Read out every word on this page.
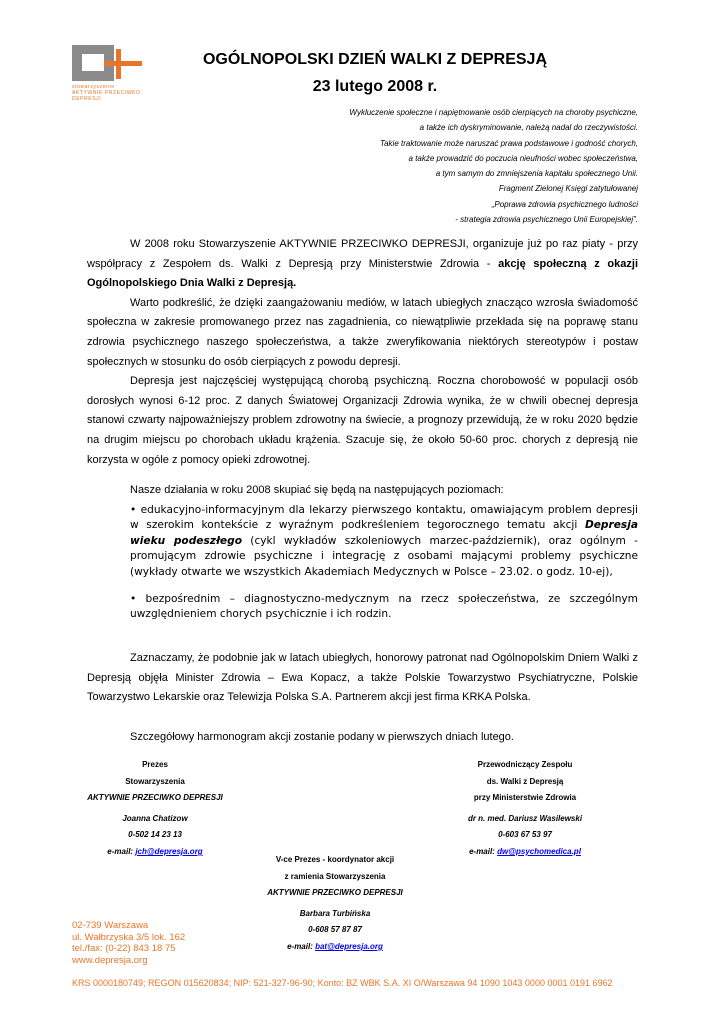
stowarzyszenie
AKTYWNIE PRZECIWKO
DEPRESJI
OGÓLNOPOLSKI DZIEŃ WALKI Z DEPRESJĄ
23 lutego 2008 r.
Wykluczenie społeczne i napiętnowanie osób cierpiących na choroby psychiczne,
a także ich dyskryminowanie, należą nadal do rzeczywistości.
Takie traktowanie może naruszać prawa podstawowe i godność chorych,
a także prowadzić do poczucia nieufności wobec społeczeństwa,
a tym samym do zmniejszenia kapitału społecznego Unii.
Fragment Zielonej Księgi zatytułowanej
„Poprawa zdrowia psychicznego ludności
- strategia zdrowia psychicznego Unii Europejskiej”.

W 2008 roku Stowarzyszenie AKTYWNIE PRZECIWKO DEPRESJI, organizuje już po raz piaty - przy współpracy z Zespołem ds. Walki z Depresją przy Ministerstwie Zdrowia - akcję społeczną z okazji Ogólnopolskiego Dnia Walki z Depresją.

Warto podkreślić, że dzięki zaangażowaniu mediów, w latach ubiegłych znacząco wzrosła świadomość społeczna w zakresie promowanego przez nas zagadnienia, co niewątpliwie przekłada się na poprawę stanu zdrowia psychicznego naszego społeczeństwa, a także zweryfikowania niektórych stereotypów i postaw społecznych w stosunku do osób cierpiących z powodu depresji.

Depresja jest najczęściej występującą chorobą psychiczną. Roczna chorobowość w populacji osób dorosłych wynosi 6-12 proc. Z danych Światowej Organizacji Zdrowia wynika, że w chwili obecnej depresja stanowi czwarty najpoważniejszy problem zdrowotny na świecie, a prognozy przewidują, że w roku 2020 będzie na drugim miejscu po chorobach układu krążenia. Szacuje się, że około 50-60 proc. chorych z depresją nie korzysta w ogóle z pomocy opieki zdrowotnej.

Nasze działania w roku 2008 skupiać się będą na następujących poziomach:

• edukacyjno-informacyjnym dla lekarzy pierwszego kontaktu, omawiającym problem depresji w szerokim kontekście z wyraźnym podkreśleniem tegorocznego tematu akcji Depresja wieku podeszłego (cykl wykładów szkoleniowych marzec-październik), oraz ogólnym - promującym zdrowie psychiczne i integrację z osobami mającymi problemy psychiczne (wykłady otwarte we wszystkich Akademiach Medycznych w Polsce – 23.02. o godz. 10-ej),

• bezpośrednim – diagnostyczno-medycznym na rzecz społeczeństwa, ze szczególnym uwzględnieniem chorych psychicznie i ich rodzin.

Zaznaczamy, że podobnie jak w latach ubiegłych, honorowy patronat nad Ogólnopolskim Dniem Walki z Depresją objęła Minister Zdrowia – Ewa Kopacz, a także Polskie Towarzystwo Psychiatryczne, Polskie Towarzystwo Lekarskie oraz Telewizja Polska S.A. Partnerem akcji jest firma KRKA Polska.

Szczegółowy harmonogram akcji zostanie podany w pierwszych dniach lutego.
Prezes
Stowarzyszenia
AKTYWNIE PRZECIWKO DEPRESJI
Joanna Chatizow
0-502 14 23 13
e-mail: jch@depresja.org
Przewodniczący Zespołu
ds. Walki z Depresją
przy Ministerstwie Zdrowia
dr n. med. Dariusz Wasilewski
0-603 67 53 97
e-mail: dw@psychomedica.pl
V-ce Prezes - koordynator akcji
z ramienia Stowarzyszenia
AKTYWNIE PRZECIWKO DEPRESJI
Barbara Turbińska
0-608 57 87 87
e-mail: bat@depresja.org
02-739 Warszawa
ul. Wałbrzyska 3/5 lok. 162
tel./fax: (0-22) 843 18 75
www.depresja.org
KRS 0000180749; REGON 015620834; NIP: 521-327-96-90; Konto: BZ WBK S.A. XI O/Warszawa 94 1090 1043 0000 0001 0191 6962
